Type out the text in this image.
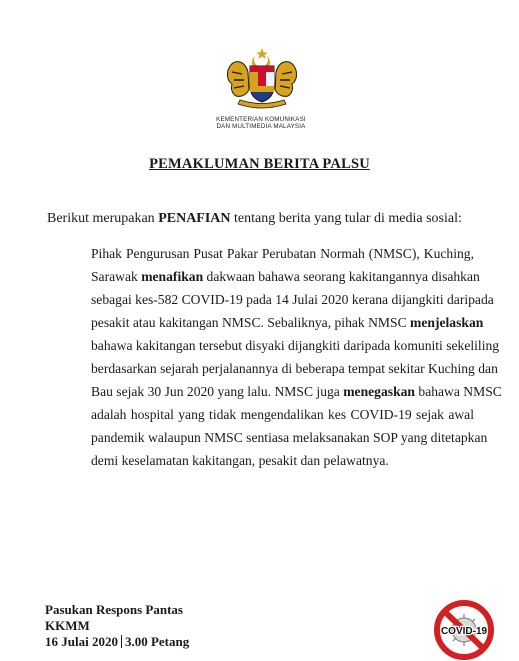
KEMENTERIAN KOMUNIKASI
DAN MULTIMEDIA MALAYSIA
PEMAKLUMAN BERITA PALSU
Berikut merupakan PENAFIAN tentang berita yang tular di media sosial:
Pihak Pengurusan Pusat Pakar Perubatan Normah (NMSC), Kuching,
Sarawak menafikan dakwaan bahawa seorang kakitangannya disahkan
sebagai kes-582 COVID-19 pada 14 Julai 2020 kerana dijangkiti daripada
pesakit atau kakitangan NMSC. Sebaliknya, pihak NMSC menjelaskan
bahawa kakitangan tersebut disyaki dijangkiti daripada komuniti sekeliling
berdasarkan sejarah perjalanannya di beberapa tempat sekitar Kuching dan
Bau sejak 30 Jun 2020 yang lalu. NMSC juga menegaskan bahawa NMSC
adalah hospital yang tidak mengendalikan kes COVID-19 sejak awal
pandemik walaupun NMSC sentiasa melaksanakan SOP yang ditetapkan
demi keselamatan kakitangan, pesakit dan pelawatnya.
Pasukan Respons Pantas
KKMM
16 Julai 2020 3.00 Petang
COVID-19
